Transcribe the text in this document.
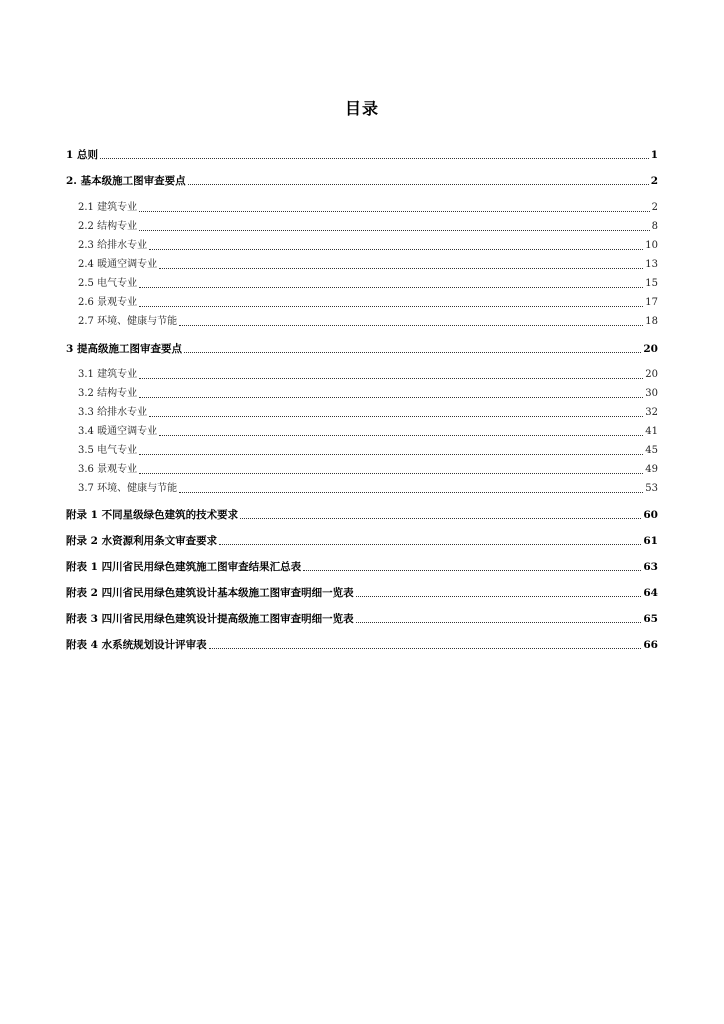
目录
1 总则	1
2. 基本级施工图审查要点	2
2.1 建筑专业	2
2.2 结构专业	8
2.3 给排水专业	10
2.4 暖通空调专业	13
2.5 电气专业	15
2.6 景观专业	17
2.7 环境、健康与节能	18
3 提高级施工图审查要点	20
3.1 建筑专业	20
3.2 结构专业	30
3.3 给排水专业	32
3.4 暖通空调专业	41
3.5 电气专业	45
3.6 景观专业	49
3.7 环境、健康与节能	53
附录 1 不同星级绿色建筑的技术要求	60
附录 2 水资源利用条文审查要求	61
附表 1 四川省民用绿色建筑施工图审查结果汇总表	63
附表 2 四川省民用绿色建筑设计基本级施工图审查明细一览表	64
附表 3 四川省民用绿色建筑设计提高级施工图审查明细一览表	65
附表 4 水系统规划设计评审表	66
